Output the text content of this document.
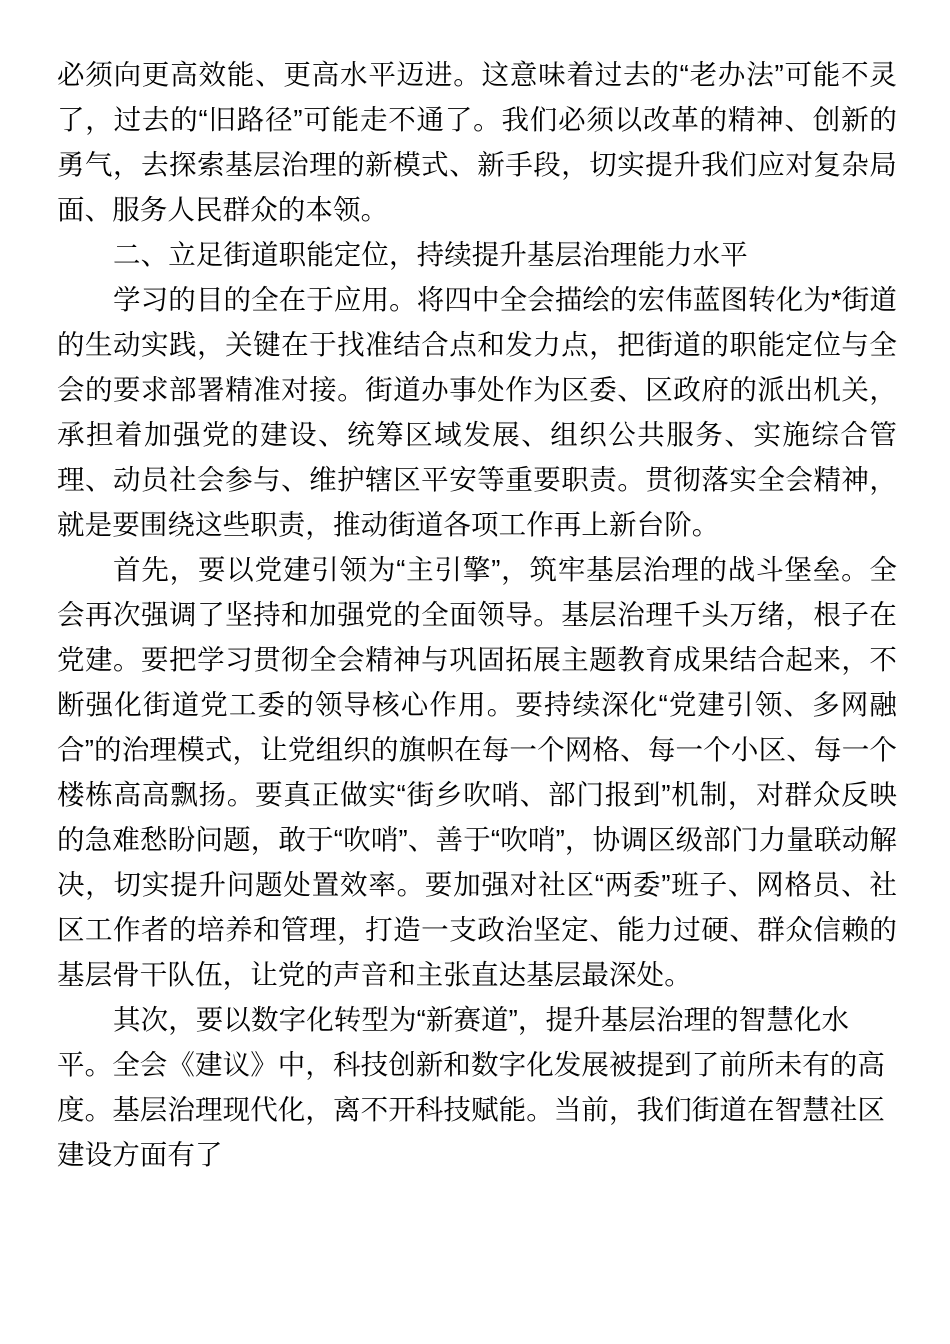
必须向更高效能、更高水平迈进。这意味着过去的“老办法”可能不灵了，过去的“旧路径”可能走不通了。我们必须以改革的精神、创新的勇气，去探索基层治理的新模式、新手段，切实提升我们应对复杂局面、服务人民群众的本领。

二、立足街道职能定位，持续提升基层治理能力水平

学习的目的全在于应用。将四中全会描绘的宏伟蓝图转化为*街道的生动实践，关键在于找准结合点和发力点，把街道的职能定位与全会的要求部署精准对接。街道办事处作为区委、区政府的派出机关，承担着加强党的建设、统筹区域发展、组织公共服务、实施综合管理、动员社会参与、维护辖区平安等重要职责。贯彻落实全会精神，就是要围绕这些职责，推动街道各项工作再上新台阶。

首先，要以党建引领为“主引擎”，筑牢基层治理的战斗堡垒。全会再次强调了坚持和加强党的全面领导。基层治理千头万绪，根子在党建。要把学习贯彻全会精神与巩固拓展主题教育成果结合起来，不断强化街道党工委的领导核心作用。要持续深化“党建引领、多网融合”的治理模式，让党组织的旗帜在每一个网格、每一个小区、每一个楼栋高高飘扬。要真正做实“街乡吹哨、部门报到”机制，对群众反映的急难愁盼问题，敢于“吹哨”、善于“吹哨”，协调区级部门力量联动解决，切实提升问题处置效率。要加强对社区“两委”班子、网格员、社区工作者的培养和管理，打造一支政治坚定、能力过硬、群众信赖的基层骨干队伍，让党的声音和主张直达基层最深处。

其次，要以数字化转型为“新赛道”，提升基层治理的智慧化水平。全会《建议》中，科技创新和数字化发展被提到了前所未有的高度。基层治理现代化，离不开科技赋能。当前，我们街道在智慧社区建设方面有了
